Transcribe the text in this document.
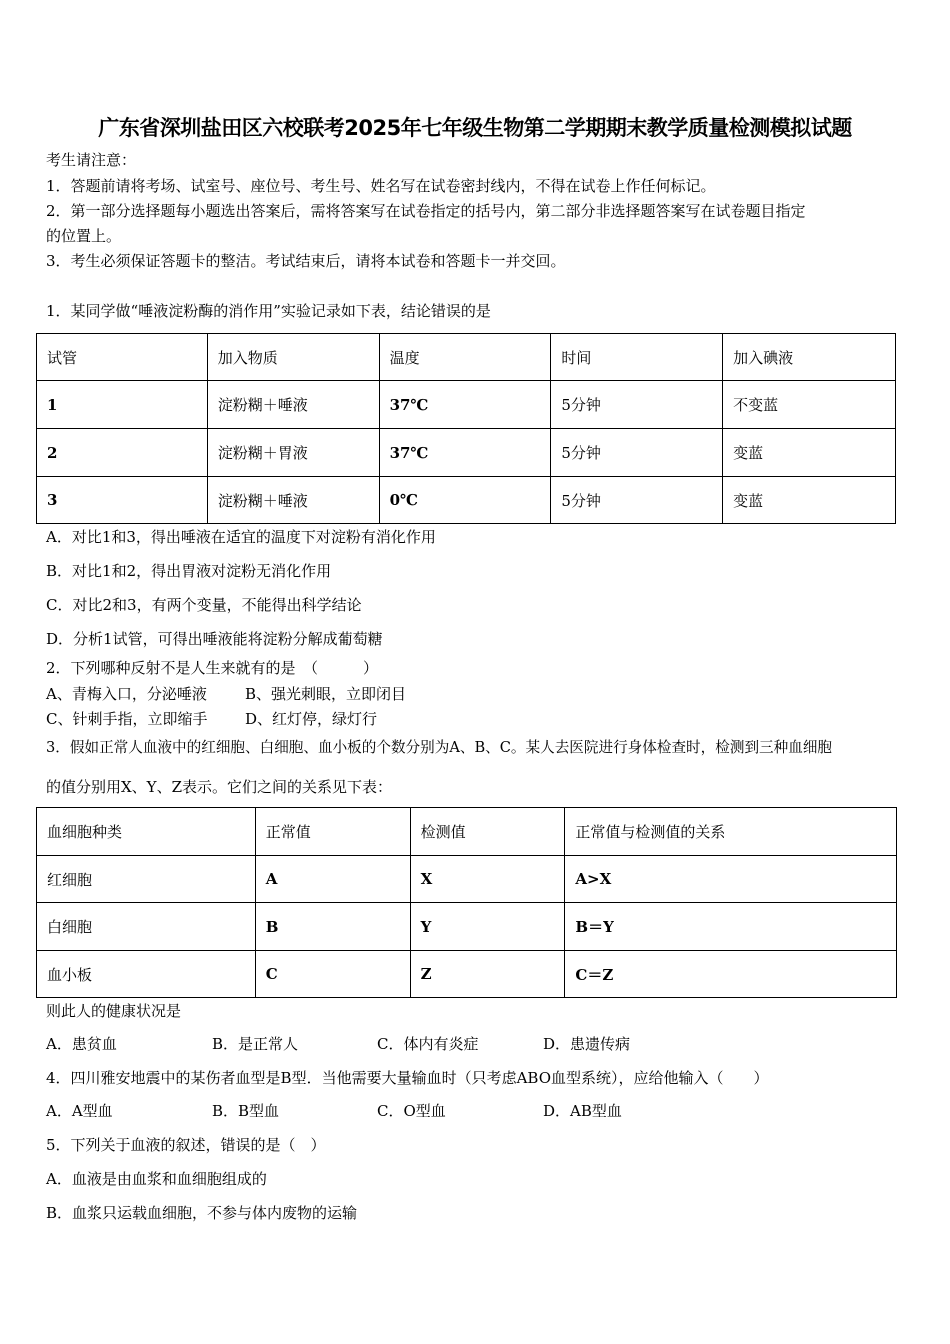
广东省深圳盐田区六校联考2025年七年级生物第二学期期末教学质量检测模拟试题
考生请注意：
1．答题前请将考场、试室号、座位号、考生号、姓名写在试卷密封线内，不得在试卷上作任何标记。
2．第一部分选择题每小题选出答案后，需将答案写在试卷指定的括号内，第二部分非选择题答案写在试卷题目指定
的位置上。
3．考生必须保证答题卡的整洁。考试结束后，请将本试卷和答题卡一并交回。
1．某同学做“唾液淀粉酶的消作用”实验记录如下表，结论错误的是
试管	加入物质	温度	时间	加入碘液
1	淀粉糊＋唾液	37℃	5分钟	不变蓝
2	淀粉糊＋胃液	37℃	5分钟	变蓝
3	淀粉糊＋唾液	0℃	5分钟	变蓝
A．对比1和3，得出唾液在适宜的温度下对淀粉有消化作用
B．对比1和2，得出胃液对淀粉无消化作用
C．对比2和3，有两个变量，不能得出科学结论
D．分析1试管，可得出唾液能将淀粉分解成葡萄糖
2．下列哪种反射不是人生来就有的是　（　　　）
A、青梅入口，分泌唾液	B、强光刺眼，立即闭目
C、针刺手指，立即缩手	D、红灯停，绿灯行
3．假如正常人血液中的红细胞、白细胞、血小板的个数分别为A、B、C。某人去医院进行身体检查时，检测到三种血细胞
的值分别用X、Y、Z表示。它们之间的关系见下表：
血细胞种类	正常值	检测值	正常值与检测值的关系
红细胞	A	X	A>X
白细胞	B	Y	B＝Y
血小板	C	Z	C＝Z
则此人的健康状况是
A．患贫血	B．是正常人	C．体内有炎症	D．患遗传病
4．四川雅安地震中的某伤者血型是B型．当他需要大量输血时（只考虑ABO血型系统），应给他输入（　　）
A．A型血	B．B型血	C．O型血	D．AB型血
5．下列关于血液的叙述，错误的是（　）
A．血液是由血浆和血细胞组成的
B．血浆只运载血细胞，不参与体内废物的运输
